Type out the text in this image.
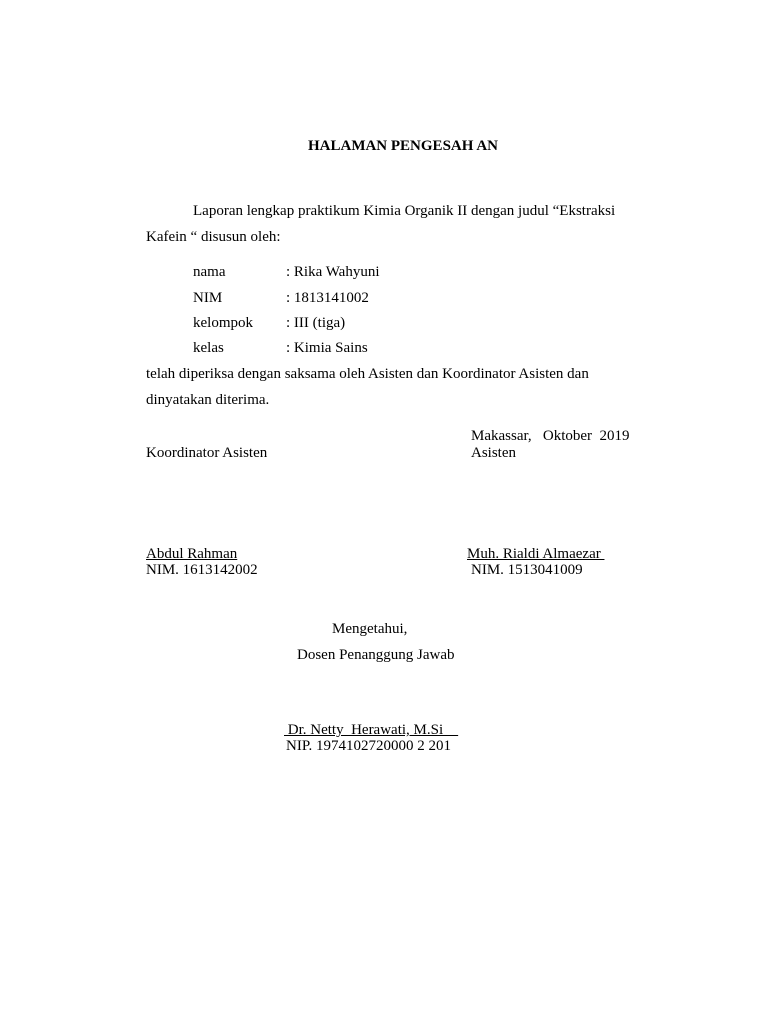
HALAMAN PENGESAH AN
Laporan lengkap praktikum Kimia Organik II dengan judul “Ekstraksi
Kafein “ disusun oleh:

nama

	: Rika Wahyuni

NIM

	: 1813141002

kelompok

: III (tiga)

kelas

	: Kimia Sains

telah diperiksa dengan saksama oleh Asisten dan Koordinator Asisten dan
dinyatakan diterima.
Makassar,   Oktober  2019
Koordinator Asisten	Asisten
Abdul Rahman
NIM. 1613142002
Muh. Rialdi Almaezar
NIM. 1513041009
Mengetahui,
Dosen Penanggung Jawab
Dr. Netty  Herawati, M.Si
NIP. 1974102720000 2 201
